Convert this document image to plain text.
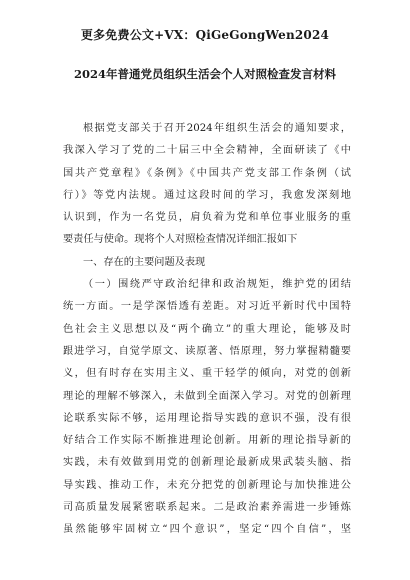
更多免费公文+VX：QiGeGongWen2024
2024年普通党员组织生活会个人对照检查发言材料
根据党支部关于召开2024年组织生活会的通知要求，
我深入学习了党的二十届三中全会精神，全面研读了《中
国共产党章程》《条例》《中国共产党支部工作条例（试
行）》等党内法规。通过这段时间的学习，我愈发深刻地
认识到，作为一名党员，肩负着为党和单位事业服务的重
要责任与使命。现将个人对照检查情况详细汇报如下
一、存在的主要问题及表现
（一）围绕严守政治纪律和政治规矩，维护党的团结
统一方面。一是学深悟透有差距。对习近平新时代中国特
色社会主义思想以及“两个确立”的重大理论，能够及时
跟进学习，自觉学原文、读原著、悟原理，努力掌握精髓要
义，但有时存在实用主义、重干轻学的倾向，对党的创新
理论的理解不够深入，未做到全面深入学习。对党的创新理
论联系实际不够，运用理论指导实践的意识不强，没有很
好结合工作实际不断推进理论创新。用新的理论指导新的
实践，未有效做到用党的创新理论最新成果武装头脑、指
导实践、推动工作，未充分把党的创新理论与加快推进公
司高质量发展紧密联系起来。二是政治素养需进一步锤炼
虽然能够牢固树立“四个意识”，坚定“四个自信”，坚
